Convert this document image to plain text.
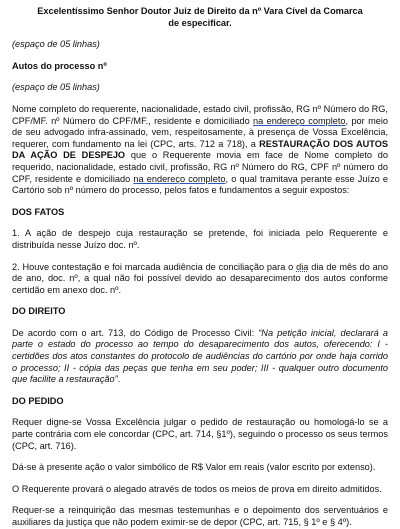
Excelentíssimo Senhor Doutor Juiz de Direito da nº Vara Cível da Comarca
de especificar.
(espaço de 05 linhas)
Autos do processo nº
(espaço de 05 linhas)
Nome completo do requerente, nacionalidade, estado civil, profissão, RG nº Número do RG, CPF/MF. nº Número do CPF/MF., residente e domiciliado na endereço completo, por meio de seu advogado infra-assinado, vem, respeitosamente, à presença de Vossa Excelência, requerer, com fundamento na lei (CPC, arts. 712 a 718), a RESTAURAÇÃO DOS AUTOS DA AÇÃO DE DESPEJO que o Requerente movia em face de Nome completo do requerido, nacionalidade, estado civil, profissão, RG nº Número do RG, CPF nº número do CPF, residente e domiciliado na endereço completo, o qual tramitava perante esse Juízo e Cartório sob nº número do processo, pelos fatos e fundamentos a seguir expostos:
DOS FATOS
1. A ação de despejo cuja restauração se pretende, foi iniciada pelo Requerente e distribuída nesse Juízo doc. nº.
2. Houve contestação e foi marcada audiência de conciliação para o dia dia de mês do ano de ano, doc. nº, a qual não foi possível devido ao desaparecimento dos autos conforme certidão em anexo doc. nº.
DO DIREITO
De acordo com o art. 713, do Código de Processo Civil: “Na petição inicial, declarará a parte o estado do processo ao tempo do desaparecimento dos autos, oferecendo: I - certidões dos atos constantes do protocolo de audiências do cartório por onde haja corrido o processo; II - cópia das peças que tenha em seu poder; III - qualquer outro documento que facilite a restauração”.
DO PEDIDO
Requer digne-se Vossa Excelência julgar o pedido de restauração ou homologá-lo se a parte contrária com ele concordar (CPC, art. 714, §1º), seguindo o processo os seus termos (CPC, art. 716).
Dá-se à presente ação o valor simbólico de R$ Valor em reais (valor escrito por extenso).
O Requerente provará o alegado através de todos os meios de prova em direito admitidos.
Requer-se a reinquirição das mesmas testemunhas e o depoimento dos serventuários e auxiliares da justiça que não podem eximir-se de depor (CPC, art. 715, § 1º e § 4º).
